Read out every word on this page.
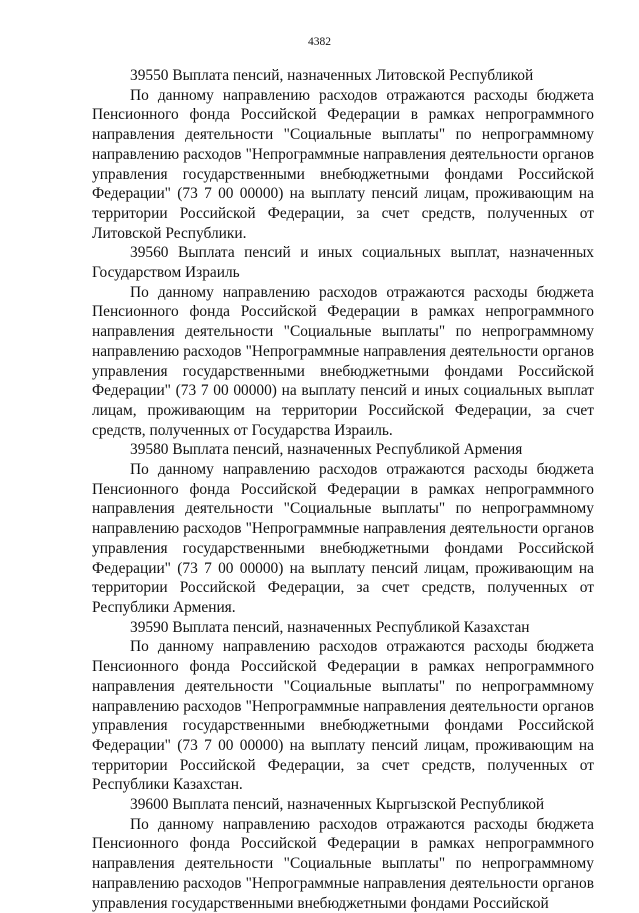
4382

39550 Выплата пенсий, назначенных Литовской Республикой

По данному направлению расходов отражаются расходы бюджета Пенсионного фонда Российской Федерации в рамках непрограммного направления деятельности "Социальные выплаты" по непрограммному направлению расходов "Непрограммные направления деятельности органов управления государственными внебюджетными фондами Российской Федерации" (73 7 00 00000) на выплату пенсий лицам, проживающим на территории Российской Федерации, за счет средств, полученных от Литовской Республики.

39560 Выплата пенсий и иных социальных выплат, назначенных Государством Израиль

По данному направлению расходов отражаются расходы бюджета Пенсионного фонда Российской Федерации в рамках непрограммного направления деятельности "Социальные выплаты" по непрограммному направлению расходов "Непрограммные направления деятельности органов управления государственными внебюджетными фондами Российской Федерации" (73 7 00 00000) на выплату пенсий и иных социальных выплат лицам, проживающим на территории Российской Федерации, за счет средств, полученных от Государства Израиль.

39580 Выплата пенсий, назначенных Республикой Армения

По данному направлению расходов отражаются расходы бюджета Пенсионного фонда Российской Федерации в рамках непрограммного направления деятельности "Социальные выплаты" по непрограммному направлению расходов "Непрограммные направления деятельности органов управления государственными внебюджетными фондами Российской Федерации" (73 7 00 00000) на выплату пенсий лицам, проживающим на территории Российской Федерации, за счет средств, полученных от Республики Армения.

39590 Выплата пенсий, назначенных Республикой Казахстан

По данному направлению расходов отражаются расходы бюджета Пенсионного фонда Российской Федерации в рамках непрограммного направления деятельности "Социальные выплаты" по непрограммному направлению расходов "Непрограммные направления деятельности органов управления государственными внебюджетными фондами Российской Федерации" (73 7 00 00000) на выплату пенсий лицам, проживающим на территории Российской Федерации, за счет средств, полученных от Республики Казахстан.

39600 Выплата пенсий, назначенных Кыргызской Республикой

По данному направлению расходов отражаются расходы бюджета Пенсионного фонда Российской Федерации в рамках непрограммного направления деятельности "Социальные выплаты" по непрограммному направлению расходов "Непрограммные направления деятельности органов управления государственными внебюджетными фондами Российской
